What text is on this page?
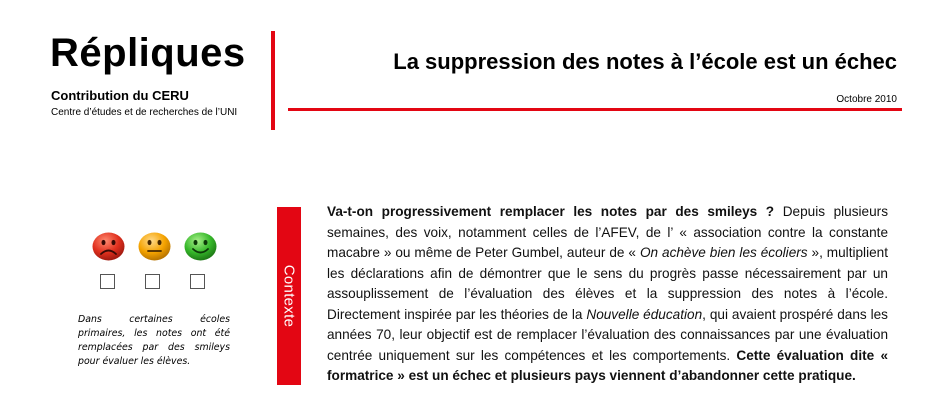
Répliques
Contribution du CERU
Centre d’études et de recherches de l’UNI
La suppression des notes à l’école est un échec
Octobre 2010
Dans certaines écoles primaires, les notes ont été remplacées par des smileys pour évaluer les élèves.
Contexte
Va-t-on progressivement remplacer les notes par des smileys ? Depuis plusieurs semaines, des voix, notamment celles de l’AFEV, de l’ « association contre la constante macabre » ou même de Peter Gumbel, auteur de « On achève bien les écoliers », multiplient les déclarations afin de démontrer que le sens du progrès passe nécessairement par un assouplissement de l’évaluation des élèves et la suppression des notes à l’école. Directement inspirée par les théories de la Nouvelle éducation, qui avaient prospéré dans les années 70, leur objectif est de remplacer l’évaluation des connaissances par une évaluation centrée uniquement sur les compétences et les comportements. Cette évaluation dite « formatrice » est un échec et plusieurs pays viennent d’abandonner cette pratique.
